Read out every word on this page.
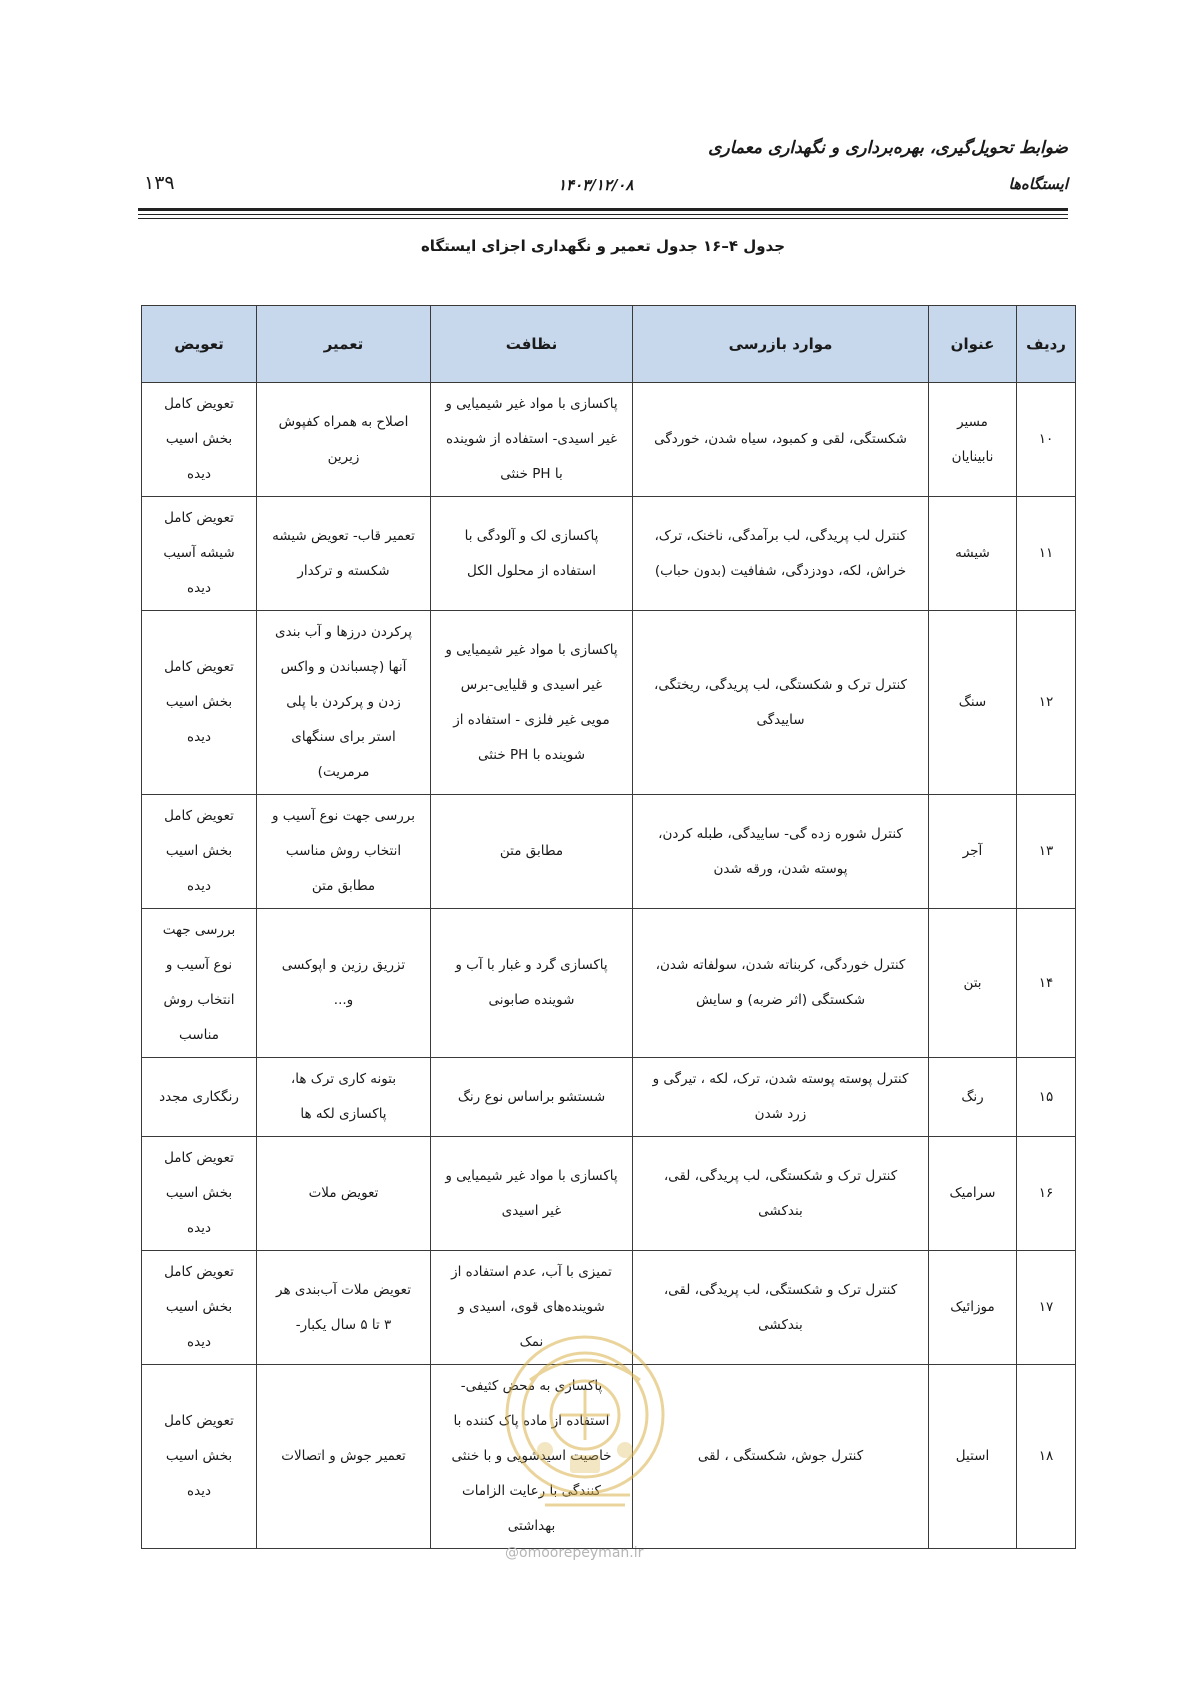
ضوابط تحویل‌گیری، بهره‌برداری و نگهداری معماری
ایستگاه‌ها
۱۴۰۳/۱۲/۰۸
۱۳۹
جدول ۴–۱۶ جدول تعمیر و نگهداری اجزای ایستگاه
ردیف	عنوان	موارد بازرسی	نظافت	تعمیر	تعویض
۱۰	مسیر نابینایان	شکستگی، لقی و کمبود، سیاه شدن، خوردگی	پاکسازی با مواد غیر شیمیایی و غیر اسیدی- استفاده از شوینده با PH خنثی	اصلاح به همراه کفپوش زیرین	تعویض کامل بخش اسیب دیده
۱۱	شیشه	کنترل لب پریدگی، لب برآمدگی، ناخنک، ترک، خراش، لکه، دودزدگی، شفافیت (بدون حباب)	پاکسازی لک و آلودگی با استفاده از محلول الکل	تعمیر قاب- تعویض شیشه شکسته و ترکدار	تعویض کامل شیشه آسیب دیده
۱۲	سنگ	کنترل ترک و شکستگی، لب پریدگی، ریختگی، ساییدگی	پاکسازی با مواد غیر شیمیایی و غیر اسیدی و قلیایی-برس مویی غیر فلزی - استفاده از شوینده با PH خنثی	پرکردن درزها و آب بندی آنها (چسباندن و واکس زدن و پرکردن با پلی استر برای سنگهای مرمریت)	تعویض کامل بخش اسیب دیده
۱۳	آجر	کنترل شوره زده گی- ساییدگی، طبله کردن، پوسته شدن، ورقه شدن	مطابق متن	بررسی جهت نوع آسیب و انتخاب روش مناسب مطابق متن	تعویض کامل بخش اسیب دیده
۱۴	بتن	کنترل خوردگی، کربناته شدن، سولفاته شدن، شکستگی (اثر ضربه) و سایش	پاکسازی گرد و غبار با آب و شوینده صابونی	تزریق رزین و اپوکسی و...	بررسی جهت نوع آسیب و انتخاب روش مناسب
۱۵	رنگ	کنترل پوسته پوسته شدن، ترک، لکه ، تیرگی و زرد شدن	شستشو براساس نوع رنگ	بتونه کاری ترک ها، پاکسازی لکه ها	رنگکاری مجدد
۱۶	سرامیک	کنترل ترک و شکستگی، لب پریدگی، لقی، بندکشی	پاکسازی با مواد غیر شیمیایی و غیر اسیدی	تعویض ملات	تعویض کامل بخش اسیب دیده
۱۷	موزائیک	کنترل ترک و شکستگی، لب پریدگی، لقی، بندکشی	تمیزی با آب، عدم استفاده از شوینده‌های قوی، اسیدی و نمک	تعویض ملات آب‌بندی هر ۳ تا ۵ سال یکبار-	تعویض کامل بخش اسیب دیده
۱۸	استیل	کنترل جوش، شکستگی ، لقی	پاکسازی به محض کثیفی- استفاده از ماده پاک کننده با خاصیت اسیدشویی و با خنثی کنندگی با رعایت الزامات بهداشتی	تعمیر جوش و اتصالات	تعویض کامل بخش اسیب دیده
@omoorepeyman.ir
